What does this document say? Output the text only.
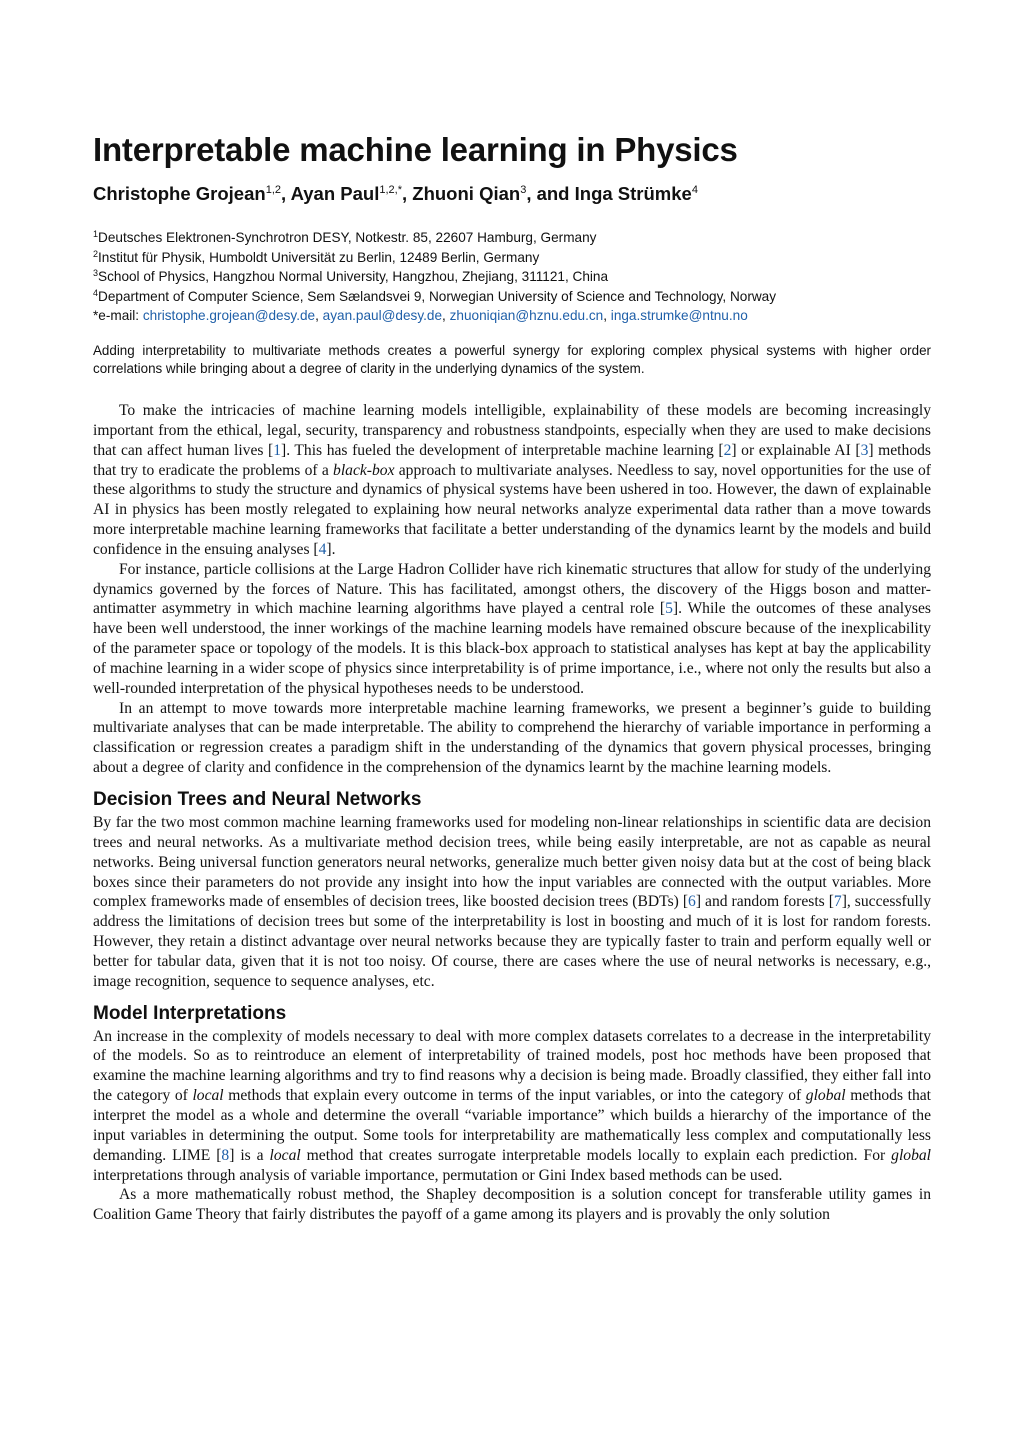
Interpretable machine learning in Physics
Christophe Grojean$^{1,2}$, Ayan Paul$^{1,2,*}$, Zhuoni Qian$^3$, and Inga Strümke$^4$
$^1$Deutsches Elektronen-Synchrotron DESY, Notkestr. 85, 22607 Hamburg, Germany
$^2$Institut für Physik, Humboldt Universität zu Berlin, 12489 Berlin, Germany
$^3$School of Physics, Hangzhou Normal University, Hangzhou, Zhejiang, 311121, China
$^4$Department of Computer Science, Sem Sælandsvei 9, Norwegian University of Science and Technology, Norway
*e-mail: christophe.grojean@desy.de, ayan.paul@desy.de, zhuoniqian@hznu.edu.cn, inga.strumke@ntnu.no

Adding interpretability to multivariate methods creates a powerful synergy for exploring complex physical systems with higher order correlations while bringing about a degree of clarity in the underlying dynamics of the system.

To make the intricacies of machine learning models intelligible, explainability of these models are becoming increasingly important from the ethical, legal, security, transparency and robustness standpoints, especially when they are used to make decisions that can affect human lives [1]. This has fueled the development of interpretable machine learning [2] or explainable AI [3] methods that try to eradicate the problems of a black-box approach to multivariate analyses. Needless to say, novel opportunities for the use of these algorithms to study the structure and dynamics of physical systems have been ushered in too. However, the dawn of explainable AI in physics has been mostly relegated to explaining how neural networks analyze experimental data rather than a move towards more interpretable machine learning frameworks that facilitate a better understanding of the dynamics learnt by the models and build confidence in the ensuing analyses [4].

For instance, particle collisions at the Large Hadron Collider have rich kinematic structures that allow for study of the underlying dynamics governed by the forces of Nature. This has facilitated, amongst others, the discovery of the Higgs boson and matter-antimatter asymmetry in which machine learning algorithms have played a central role [5]. While the outcomes of these analyses have been well understood, the inner workings of the machine learning models have remained obscure because of the inexplicability of the parameter space or topology of the models. It is this black-box approach to statistical analyses has kept at bay the applicability of machine learning in a wider scope of physics since interpretability is of prime importance, i.e., where not only the results but also a well-rounded interpretation of the physical hypotheses needs to be understood.

In an attempt to move towards more interpretable machine learning frameworks, we present a beginner’s guide to building multivariate analyses that can be made interpretable. The ability to comprehend the hierarchy of variable importance in performing a classification or regression creates a paradigm shift in the understanding of the dynamics that govern physical processes, bringing about a degree of clarity and confidence in the comprehension of the dynamics learnt by the machine learning models.

Decision Trees and Neural Networks

By far the two most common machine learning frameworks used for modeling non-linear relationships in scientific data are decision trees and neural networks. As a multivariate method decision trees, while being easily interpretable, are not as capable as neural networks. Being universal function generators neural networks, generalize much better given noisy data but at the cost of being black boxes since their parameters do not provide any insight into how the input variables are connected with the output variables. More complex frameworks made of ensembles of decision trees, like boosted decision trees (BDTs) [6] and random forests [7], successfully address the limitations of decision trees but some of the interpretability is lost in boosting and much of it is lost for random forests. However, they retain a distinct advantage over neural networks because they are typically faster to train and perform equally well or better for tabular data, given that it is not too noisy. Of course, there are cases where the use of neural networks is necessary, e.g., image recognition, sequence to sequence analyses, etc.

Model Interpretations

An increase in the complexity of models necessary to deal with more complex datasets correlates to a decrease in the interpretability of the models. So as to reintroduce an element of interpretability of trained models, post hoc methods have been proposed that examine the machine learning algorithms and try to find reasons why a decision is being made. Broadly classified, they either fall into the category of local methods that explain every outcome in terms of the input variables, or into the category of global methods that interpret the model as a whole and determine the overall “variable importance” which builds a hierarchy of the importance of the input variables in determining the output. Some tools for interpretability are mathematically less complex and computationally less demanding. LIME [8] is a local method that creates surrogate interpretable models locally to explain each prediction. For global interpretations through analysis of variable importance, permutation or Gini Index based methods can be used.

As a more mathematically robust method, the Shapley decomposition is a solution concept for transferable utility games in Coalition Game Theory that fairly distributes the payoff of a game among its players and is provably the only solution
